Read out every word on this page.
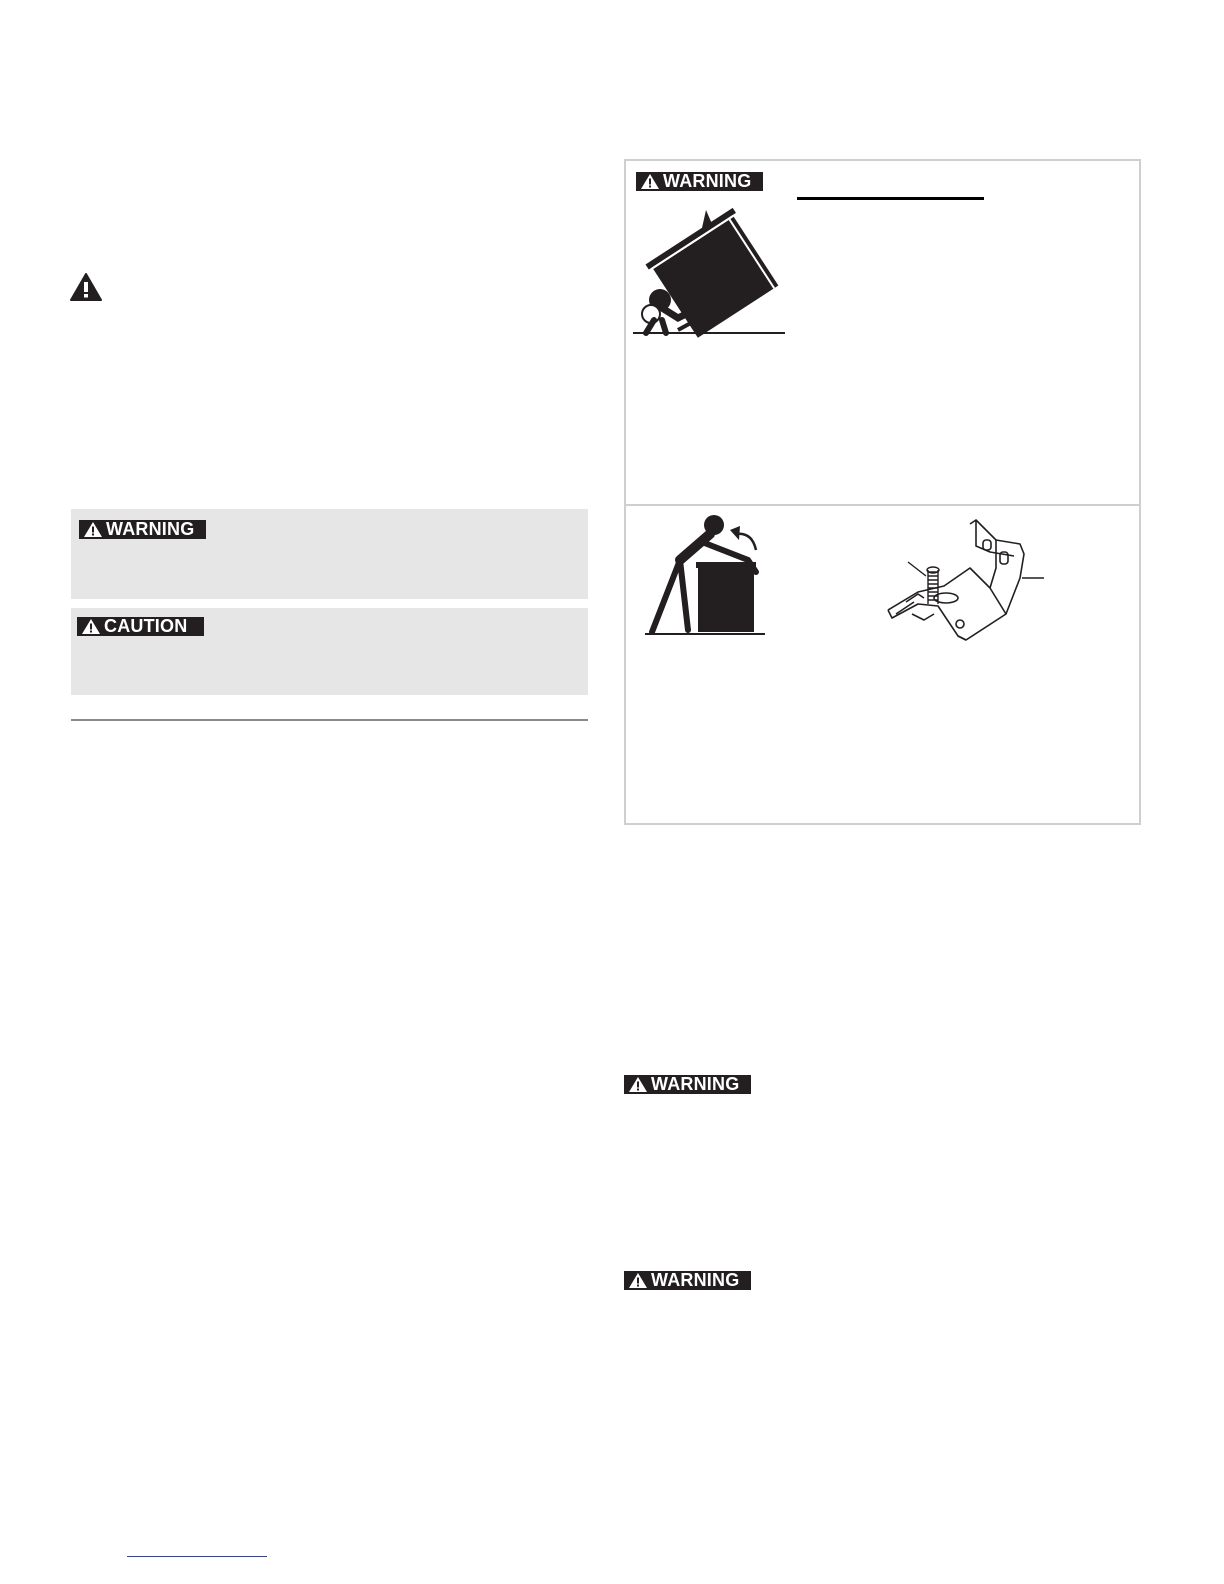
WARNING
CAUTION
WARNING
WARNING
WARNING
